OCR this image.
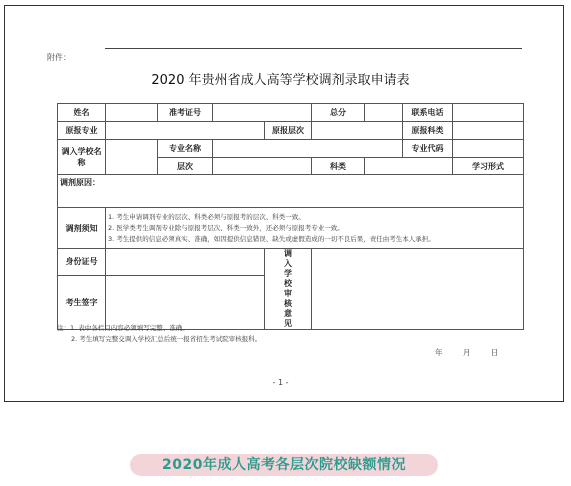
附件：
2020 年贵州省成人高等学校调剂录取申请表
姓名		准考证号			总分		联系电话	
原报专业				原报层次			原报科类	
调入学校名称		专业名称					专业代码	
		层次			科类			学习形式
调剂原因：								
调剂须知	1. 考生申请调剂专业的层次、科类必须与原报考的层次、科类一致。
2. 医学类考生调剂专业除与原报考层次、科类一致外，还必须与原报考专业一致。
3. 考生提供的信息必须真实、准确，如因提供信息错误、缺失或虚假造成的一切不良后果，责任由考生本人承担。							

身份证号				调入学校审核意见				
考生签字								
注：1. 表中各栏目内容必须填写完整、准确。
2. 考生填写完整交调入学校汇总后统一报省招生考试院审核报科。
年 月 日
- 1 -
2020年成人高考各层次院校缺额情况
